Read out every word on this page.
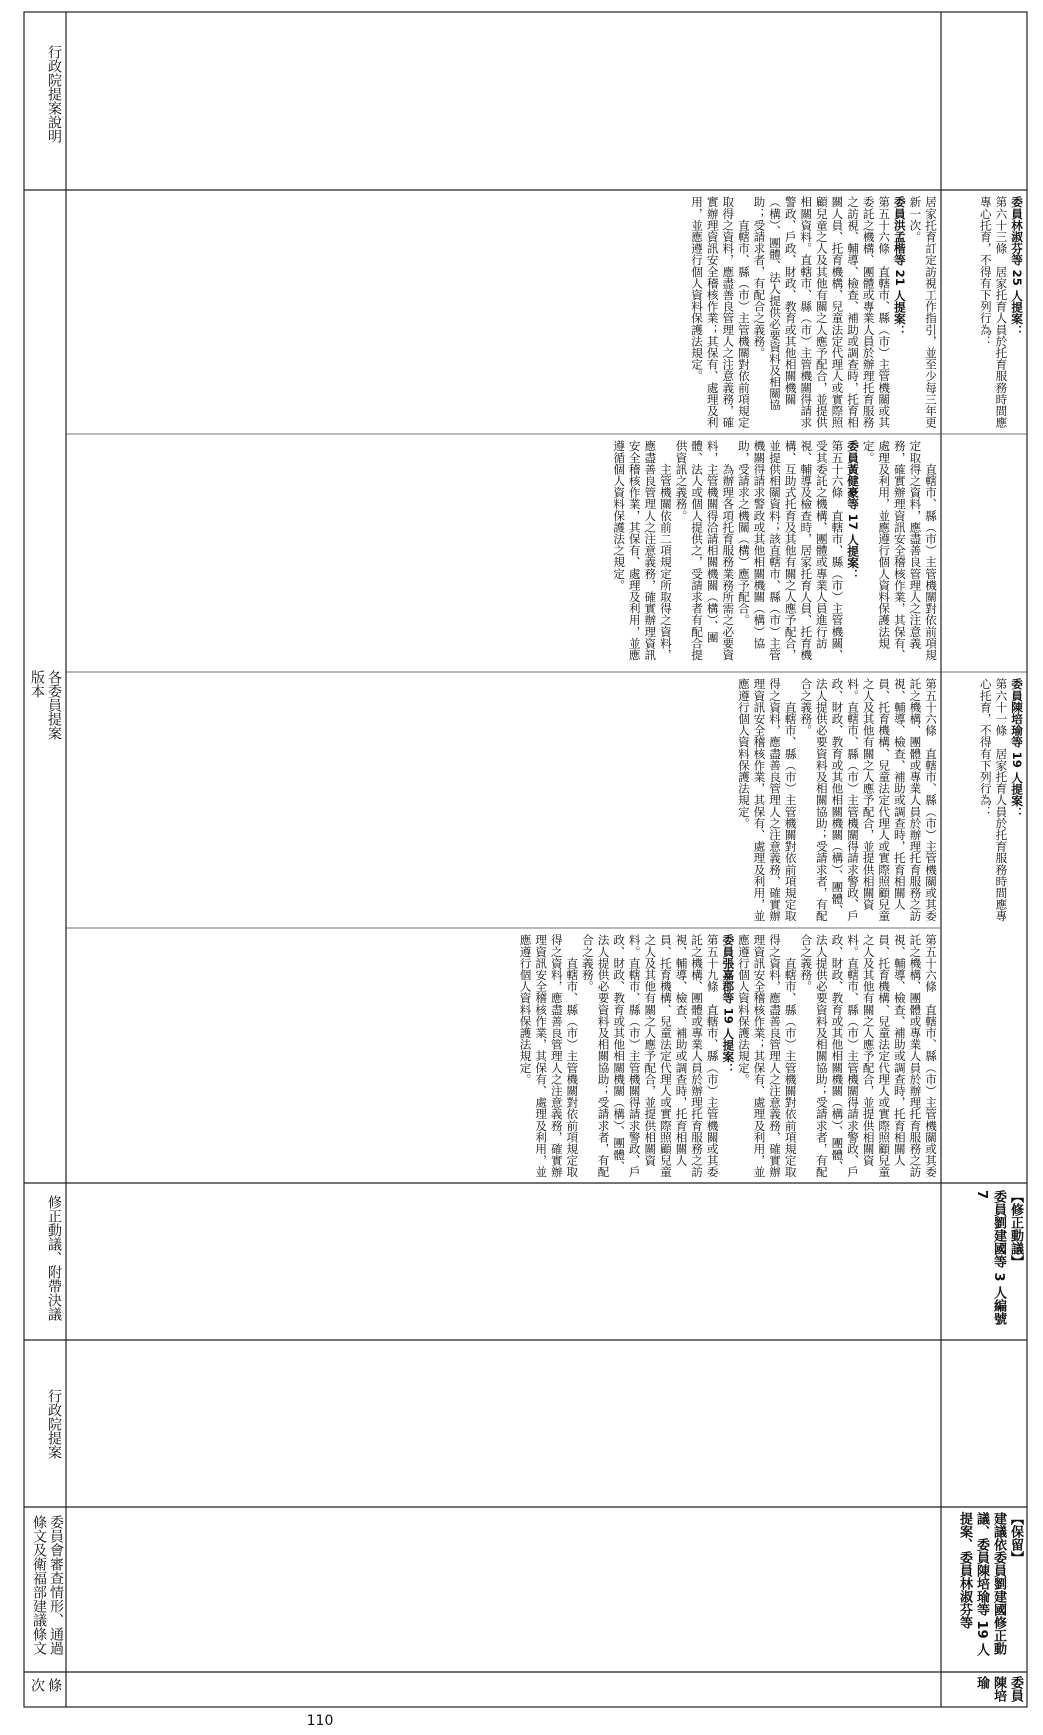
條次
委員會審查情形、通過條文及衛福部建議條文
行政院提案
修正動議、附帶決議
各委員提案版本
行政院提案說明
第五十六條　直轄市、縣（市）主管機關或其委託之機構、團體或專業人員於辦理托育服務之訪視、輔導、檢查、補助或調查時，托育相關人員、托育機構、兒童法定代理人或實際照顧兒童之人及其他有關之人應予配合，並提供相關資料。直轄市、縣（市）主管機關得請求警政、戶政、財政、教育或其他相關機關（構）、團體、法人提供必要資料及相關協助；受請求者，有配合之義務。
　　直轄市、縣（市）主管機關對依前項規定取得之資料，應盡善良管理人之注意義務，確實辦理資訊安全稽核作業；其保有、處理及利用，並應遵行個人資料保護法規定。
委員張嘉郡等 19 人提案：
第五十九條　直轄市、縣（市）主管機關或其委託之機構、團體或專業人員於辦理托育服務之訪視、輔導、檢查、補助或調查時，托育相關人員、托育機構、兒童法定代理人或實際照顧兒童之人及其他有關之人應予配合，並提供相關資料。直轄市、縣（市）主管機關得請求警政、戶政、財政、教育或其他相關機關（構）、團體、法人提供必要資料及相關協助；受請求者，有配合之義務。
　　直轄市、縣（市）主管機關對依前項規定取得之資料，應盡善良管理人之注意義務，確實辦理資訊安全稽核作業，其保有、處理及利用，並應遵行個人資料保護法規定。
第五十六條　直轄市、縣（市）主管機關或其委託之機構、團體或專業人員於辦理托育服務之訪視、輔導、檢查、補助或調查時，托育相關人員、托育機構、兒童法定代理人或實際照顧兒童之人及其他有關之人應予配合，並提供相關資料。直轄市、縣（市）主管機關得請求警政、戶政、財政、教育或其他相關機關（構）、團體、法人提供必要資料及相關協助；受請求者，有配合之義務。
　　直轄市、縣（市）主管機關對依前項規定取得之資料，應盡善良管理人之注意義務，確實辦理資訊安全稽核作業，其保有、處理及利用，並應遵行個人資料保護法規定。
　　直轄市、縣（市）主管機關對依前項規定取得之資料，應盡善良管理人之注意義務，確實辦理資訊安全稽核作業，其保有、處理及利用，並應遵行個人資料保護法規定。
委員黃健豪等 17 人提案：
第五十六條　直轄市、縣（市）主管機關、受其委託之機構、團體或專業人員進行訪視、輔導及檢查時，居家托育人員、托育機構、互助式托育及其他有關之人應予配合，並提供相關資料；該直轄市、縣（市）主管機關得請求警政或其他相關機關（構）協助，受請求之機關（構）應予配合。
　　為辦理各項托育服務業務所需之必要資料，主管機關得洽請相關機關（構）、團體、法人或個人提供之，受請求者有配合提供資訊之義務。
　　主管機關依前二項規定所取得之資料，應盡善良管理人之注意義務，確實辦理資訊安全稽核作業，其保有、處理及利用，並應遵循個人資料保護法之規定。
居家托育訂定訪視工作指引，並至少每三年更新一次。
委員洪孟楷等 21 人提案：
第五十六條　直轄市、縣（市）主管機關或其委託之機構、團體或專業人員於辦理托育服務之訪視、輔導、檢查、補助或調查時，托育相關人員、托育機構、兒童法定代理人或實際照顧兒童之人及其他有關之人應予配合，並提供相關資料。直轄市、縣（市）主管機關得請求警政、戶政、財政、教育或其他相關機關（構）、團體、法人提供必要資料及相關協助；受請求者，有配合之義務。
　　直轄市、縣（市）主管機關對依前項規定取得之資料，應盡善良管理人之注意義務，確實辦理資訊安全稽核作業；其保有、處理及利用，並應遵行個人資料保護法規定。
委員陳培瑜
【保留】
建議依委員劉建國修正動議、委員陳培瑜等 19 人提案、委員林淑芬等
【修正動議】
委員劉建國等 3 人編號 7
委員陳培瑜等 19 人提案：
第六十一條　居家托育人員於托育服務時間應專心托育，不得有下列行為：
委員林淑芬等 25 人提案：
第六十三條　居家托育人員於托育服務時間應專心托育，不得有下列行為：
110
